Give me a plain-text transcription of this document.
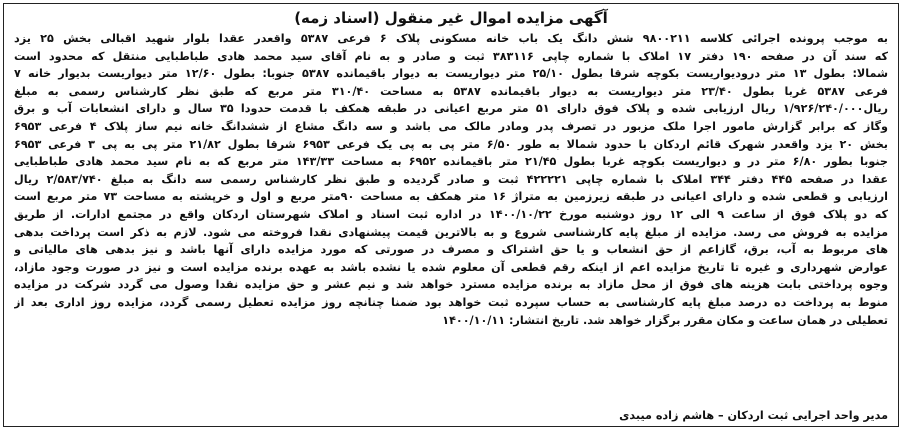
آگهی مزایده اموال غیر منقول (اسناد زمه)
به موجب پرونده اجرائی کلاسه ۹۸۰۰۲۱۱ شش دانگ یک باب خانه مسکونی پلاک ۶ فرعی ۵۳۸۷ واقعدر عقدا بلوار شهید اقبالی بخش ۲۵ یزد
که سند آن در صفحه ۱۹۰ دفتر ۱۷ املاک با شماره چاپی ۳۸۳۱۱۶ ثبت و صادر و به نام آقای سید محمد هادی طباطبایی منتقل که محدود است
شمالا: بطول ۱۳ متر درودیواریست بکوچه شرقا بطول ۲۵/۱۰ متر دیواریست به دیوار باقیمانده ۵۳۸۷ جنوبا: بطول ۱۲/۶۰ متر دیواریست بدیوار خانه ۷
فرعی ۵۳۸۷ غربا بطول ۲۳/۴۰ متر دیواریست به دیوار باقیمانده ۵۳۸۷ به مساحت ۳۱۰/۴۰ متر مربع که طبق نظر کارشناس رسمی به مبلغ
ریال۱/۹۲۶/۲۴۰/۰۰۰ ریال ارزیابی شده و پلاک فوق دارای ۵۱ متر مربع اعیانی در طبقه همکف با قدمت حدودا ۳۵ سال و دارای انشعابات آب و برق
وگاز که برابر گزارش مامور اجرا ملک مزبور در تصرف پدر ومادر مالک می باشد و سه دانگ مشاع از ششدانگ خانه نیم ساز پلاک ۴ فرعی ۶۹۵۳
بخش ۲۰ یزد واقعدر شهرک قائم اردکان با حدود شمالا به طور ۶/۵۰ متر پی به پی یک فرعی ۶۹۵۳ شرقا بطول ۲۱/۸۲ متر پی به پی ۳ فرعی ۶۹۵۳
جنوبا بطور ۶/۸۰ متر در و دیواریست بکوچه غربا بطول ۲۱/۴۵ متر باقیمانده ۶۹۵۲ به مساحت ۱۴۳/۳۳ متر مربع که به نام سید محمد هادی طباطبایی
عقدا در صفحه ۴۴۵ دفتر ۳۴۴ املاک با شماره چاپی ۴۲۲۲۲۱ ثبت و صادر گردیده و طبق نظر کارشناس رسمی سه دانگ به مبلغ ۲/۵۸۳/۷۴۰ ریال
ارزیابی و قطعی شده و دارای اعیانی در طبقه زیرزمین به متراژ ۱۶ متر همکف به مساحت ۹۰متر مربع و اول و خرپشته به مساحت ۷۳ متر مربع است
که دو پلاک فوق از ساعت ۹ الی ۱۲ روز دوشنبه مورخ ۱۴۰۰/۱۰/۲۲ در اداره ثبت اسناد و املاک شهرستان اردکان واقع در مجتمع ادارات. از طریق
مزایده به فروش می رسد. مزایده از مبلغ پایه کارشناسی شروع و به بالاترین قیمت پیشنهادی نقدا فروخته می شود. لازم به ذکر است پرداخت بدهی
های مربوط به آب، برق، گازاعم از حق انشعاب و یا حق اشتراک و مصرف در صورتی که مورد مزایده دارای آنها باشد و نیز بدهی های مالیاتی و
عوارض شهرداری و غیره تا تاریخ مزایده اعم از اینکه رقم قطعی آن معلوم شده یا نشده باشد به عهده برنده مزایده است و نیز در صورت وجود مازاد،
وجوه پرداختی بابت هزینه های فوق از محل مازاد به برنده مزایده مسترد خواهد شد و نیم عشر و حق مزایده نقدا وصول می گردد شرکت در مزایده
منوط به پرداخت ده درصد مبلغ پایه کارشناسی به حساب سپرده ثبت خواهد بود ضمنا چنانچه روز مزایده تعطیل رسمی گردد، مزایده روز اداری بعد از
تعطیلی در همان ساعت و مکان مقرر برگزار خواهد شد. تاریخ انتشار: ۱۴۰۰/۱۰/۱۱
مدیر واحد اجرایی ثبت اردکان – هاشم زاده میبدی
